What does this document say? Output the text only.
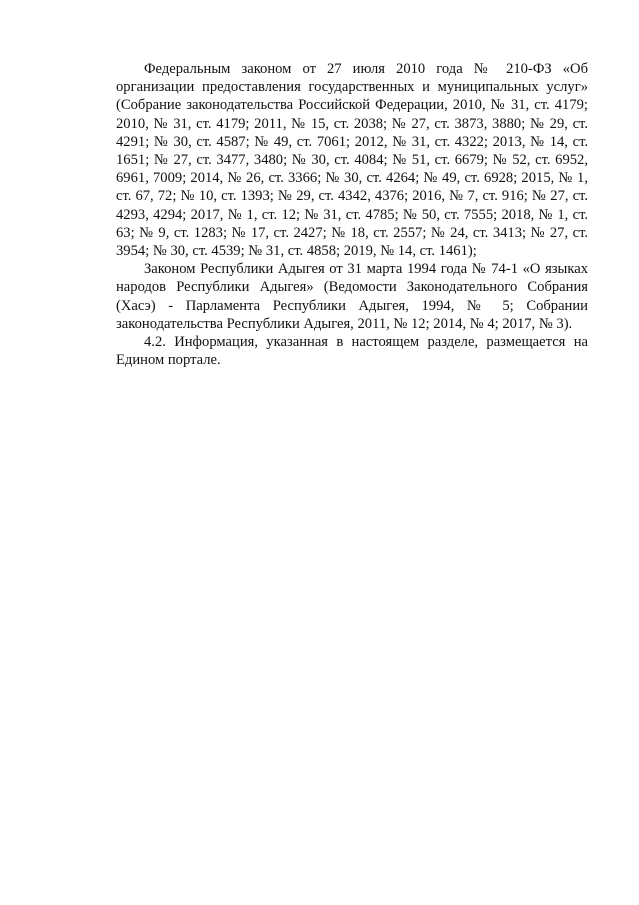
Федеральным законом от 27 июля 2010 года № 210-ФЗ «Об организации предоставления государственных и муниципальных услуг» (Собрание законодательства Российской Федерации, 2010, № 31, ст. 4179; 2010, № 31, ст. 4179; 2011, № 15, ст. 2038; № 27, ст. 3873, 3880; № 29, ст. 4291; № 30, ст. 4587; № 49, ст. 7061; 2012, № 31, ст. 4322; 2013, № 14, ст. 1651; № 27, ст. 3477, 3480; № 30, ст. 4084; № 51, ст. 6679; № 52, ст. 6952, 6961, 7009; 2014, № 26, ст. 3366; № 30, ст. 4264; № 49, ст. 6928; 2015, № 1, ст. 67, 72; № 10, ст. 1393; № 29, ст. 4342, 4376; 2016, № 7, ст. 916; № 27, ст. 4293, 4294; 2017, № 1, ст. 12; № 31, ст. 4785; № 50, ст. 7555; 2018, № 1, ст. 63; № 9, ст. 1283; № 17, ст. 2427; № 18, ст. 2557; № 24, ст. 3413; № 27, ст. 3954; № 30, ст. 4539; № 31, ст. 4858; 2019, № 14, ст. 1461);

Законом Республики Адыгея от 31 марта 1994 года № 74-1 «О языках народов Республики Адыгея» (Ведомости Законодательного Собрания (Хасэ) - Парламента Республики Адыгея, 1994, № 5; Собрании законодательства Республики Адыгея, 2011, № 12; 2014, № 4; 2017, № 3).

4.2. Информация, указанная в настоящем разделе, размещается на Едином портале.
